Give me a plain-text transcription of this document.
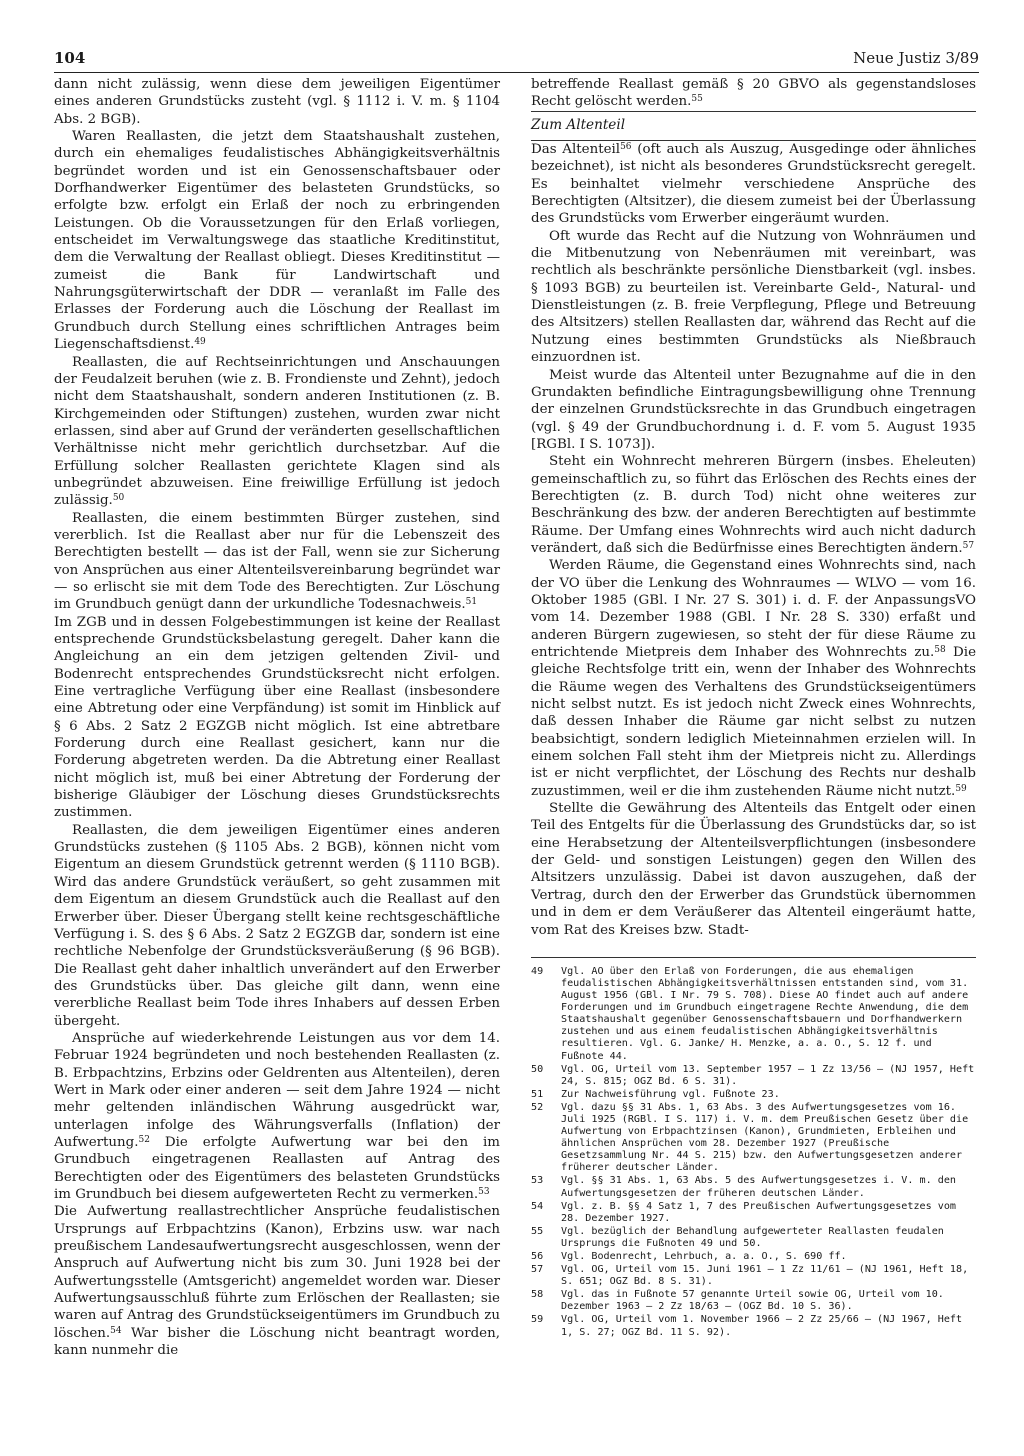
104	Neue Justiz 3/89

dann nicht zulässig, wenn diese dem jeweiligen Eigentümer eines anderen Grundstücks zusteht (vgl. § 1112 i. V. m. § 1104 Abs. 2 BGB).

Waren Reallasten, die jetzt dem Staatshaushalt zustehen, durch ein ehemaliges feudalistisches Abhängigkeitsverhältnis begründet worden und ist ein Genossenschaftsbauer oder Dorfhandwerker Eigentümer des belasteten Grundstücks, so erfolgte bzw. erfolgt ein Erlaß der noch zu erbringenden Leistungen. Ob die Voraussetzungen für den Erlaß vorliegen, entscheidet im Verwaltungswege das staatliche Kreditinstitut, dem die Verwaltung der Reallast obliegt. Dieses Kreditinstitut — zumeist die Bank für Landwirtschaft und Nahrungsgüterwirtschaft der DDR — veranlaßt im Falle des Erlasses der Forderung auch die Löschung der Reallast im Grundbuch durch Stellung eines schriftlichen Antrages beim Liegenschaftsdienst.$^{49}$

Reallasten, die auf Rechtseinrichtungen und Anschauungen der Feudalzeit beruhen (wie z. B. Frondienste und Zehnt), jedoch nicht dem Staatshaushalt, sondern anderen Institutionen (z. B. Kirchgemeinden oder Stiftungen) zustehen, wurden zwar nicht erlassen, sind aber auf Grund der veränderten gesellschaftlichen Verhältnisse nicht mehr gerichtlich durchsetzbar. Auf die Erfüllung solcher Reallasten gerichtete Klagen sind als unbegründet abzuweisen. Eine freiwillige Erfüllung ist jedoch zulässig.$^{50}$

Reallasten, die einem bestimmten Bürger zustehen, sind vererblich. Ist die Reallast aber nur für die Lebenszeit des Berechtigten bestellt — das ist der Fall, wenn sie zur Sicherung von Ansprüchen aus einer Altenteilsvereinbarung begründet war — so erlischt sie mit dem Tode des Berechtigten. Zur Löschung im Grundbuch genügt dann der urkundliche Todesnachweis.$^{51}$

Im ZGB und in dessen Folgebestimmungen ist keine der Reallast entsprechende Grundstücksbelastung geregelt. Daher kann die Angleichung an ein dem jetzigen geltenden Zivil- und Bodenrecht entsprechendes Grundstücksrecht nicht erfolgen. Eine vertragliche Verfügung über eine Reallast (insbesondere eine Abtretung oder eine Verpfändung) ist somit im Hinblick auf § 6 Abs. 2 Satz 2 EGZGB nicht möglich. Ist eine abtretbare Forderung durch eine Reallast gesichert, kann nur die Forderung abgetreten werden. Da die Abtretung einer Reallast nicht möglich ist, muß bei einer Abtretung der Forderung der bisherige Gläubiger der Löschung dieses Grundstücksrechts zustimmen.

Reallasten, die dem jeweiligen Eigentümer eines anderen Grundstücks zustehen (§ 1105 Abs. 2 BGB), können nicht vom Eigentum an diesem Grundstück getrennt werden (§ 1110 BGB). Wird das andere Grundstück veräußert, so geht zusammen mit dem Eigentum an diesem Grundstück auch die Reallast auf den Erwerber über. Dieser Übergang stellt keine rechtsgeschäftliche Verfügung i. S. des § 6 Abs. 2 Satz 2 EGZGB dar, sondern ist eine rechtliche Nebenfolge der Grundstücksveräußerung (§ 96 BGB). Die Reallast geht daher inhaltlich unverändert auf den Erwerber des Grundstücks über. Das gleiche gilt dann, wenn eine vererbliche Reallast beim Tode ihres Inhabers auf dessen Erben übergeht.

Ansprüche auf wiederkehrende Leistungen aus vor dem 14. Februar 1924 begründeten und noch bestehenden Reallasten (z. B. Erbpachtzins, Erbzins oder Geldrenten aus Altenteilen), deren Wert in Mark oder einer anderen — seit dem Jahre 1924 — nicht mehr geltenden inländischen Währung ausgedrückt war, unterlagen infolge des Währungsverfalls (Inflation) der Aufwertung.$^{52}$ Die erfolgte Aufwertung war bei den im Grundbuch eingetragenen Reallasten auf Antrag des Berechtigten oder des Eigentümers des belasteten Grundstücks im Grundbuch bei diesem aufgewerteten Recht zu vermerken.$^{53}$

Die Aufwertung reallastrechtlicher Ansprüche feudalistischen Ursprungs auf Erbpachtzins (Kanon), Erbzins usw. war nach preußischem Landesaufwertungsrecht ausgeschlossen, wenn der Anspruch auf Aufwertung nicht bis zum 30. Juni 1928 bei der Aufwertungsstelle (Amtsgericht) angemeldet worden war. Dieser Aufwertungsausschluß führte zum Erlöschen der Reallasten; sie waren auf Antrag des Grundstückseigentümers im Grundbuch zu löschen.$^{54}$ War bisher die Löschung nicht beantragt worden, kann nunmehr die

betreffende Reallast gemäß § 20 GBVO als gegenstandsloses Recht gelöscht werden.$^{55}$

Zum Altenteil

Das Altenteil$^{56}$ (oft auch als Auszug, Ausgedinge oder ähnliches bezeichnet), ist nicht als besonderes Grundstücksrecht geregelt. Es beinhaltet vielmehr verschiedene Ansprüche des Berechtigten (Altsitzer), die diesem zumeist bei der Überlassung des Grundstücks vom Erwerber eingeräumt wurden.

Oft wurde das Recht auf die Nutzung von Wohnräumen und die Mitbenutzung von Nebenräumen mit vereinbart, was rechtlich als beschränkte persönliche Dienstbarkeit (vgl. insbes. § 1093 BGB) zu beurteilen ist. Vereinbarte Geld-, Natural- und Dienstleistungen (z. B. freie Verpflegung, Pflege und Betreuung des Altsitzers) stellen Reallasten dar, während das Recht auf die Nutzung eines bestimmten Grundstücks als Nießbrauch einzuordnen ist.

Meist wurde das Altenteil unter Bezugnahme auf die in den Grundakten befindliche Eintragungsbewilligung ohne Trennung der einzelnen Grundstücksrechte in das Grundbuch eingetragen (vgl. § 49 der Grundbuchordnung i. d. F. vom 5. August 1935 [RGBl. I S. 1073]).

Steht ein Wohnrecht mehreren Bürgern (insbes. Eheleuten) gemeinschaftlich zu, so führt das Erlöschen des Rechts eines der Berechtigten (z. B. durch Tod) nicht ohne weiteres zur Beschränkung des bzw. der anderen Berechtigten auf bestimmte Räume. Der Umfang eines Wohnrechts wird auch nicht dadurch verändert, daß sich die Bedürfnisse eines Berechtigten ändern.$^{57}$

Werden Räume, die Gegenstand eines Wohnrechts sind, nach der VO über die Lenkung des Wohnraumes — WLVO — vom 16. Oktober 1985 (GBl. I Nr. 27 S. 301) i. d. F. der AnpassungsVO vom 14. Dezember 1988 (GBl. I Nr. 28 S. 330) erfaßt und anderen Bürgern zugewiesen, so steht der für diese Räume zu entrichtende Mietpreis dem Inhaber des Wohnrechts zu.$^{58}$ Die gleiche Rechtsfolge tritt ein, wenn der Inhaber des Wohnrechts die Räume wegen des Verhaltens des Grundstückseigentümers nicht selbst nutzt. Es ist jedoch nicht Zweck eines Wohnrechts, daß dessen Inhaber die Räume gar nicht selbst zu nutzen beabsichtigt, sondern lediglich Mieteinnahmen erzielen will. In einem solchen Fall steht ihm der Mietpreis nicht zu. Allerdings ist er nicht verpflichtet, der Löschung des Rechts nur deshalb zuzustimmen, weil er die ihm zustehenden Räume nicht nutzt.$^{59}$

Stellte die Gewährung des Altenteils das Entgelt oder einen Teil des Entgelts für die Überlassung des Grundstücks dar, so ist eine Herabsetzung der Altenteilsverpflichtungen (insbesondere der Geld- und sonstigen Leistungen) gegen den Willen des Altsitzers unzulässig. Dabei ist davon auszugehen, daß der Vertrag, durch den der Erwerber das Grundstück übernommen und in dem er dem Veräußerer das Altenteil eingeräumt hatte, vom Rat des Kreises bzw. Stadt-

49	Vgl. AO über den Erlaß von Forderungen, die aus ehemaligen feudalistischen Abhängigkeitsverhältnissen entstanden sind, vom 31. August 1956 (GBl. I Nr. 79 S. 708). Diese AO findet auch auf andere Forderungen und im Grundbuch eingetragene Rechte Anwendung, die dem Staatshaushalt gegenüber Genossenschaftsbauern und Dorfhandwerkern zustehen und aus einem feudalistischen Abhängigkeitsverhältnis resultieren. Vgl. G. Janke/ H. Menzke, a. a. O., S. 12 f. und Fußnote 44.
50	Vgl. OG, Urteil vom 13. September 1957 — 1 Zz 13/56 — (NJ 1957, Heft 24, S. 815; OGZ Bd. 6 S. 31).
51	Zur Nachweisführung vgl. Fußnote 23.
52	Vgl. dazu §§ 31 Abs. 1, 63 Abs. 3 des Aufwertungsgesetzes vom 16. Juli 1925 (RGBl. I S. 117) i. V. m. dem Preußischen Gesetz über die Aufwertung von Erbpachtzinsen (Kanon), Grundmieten, Erbleihen und ähnlichen Ansprüchen vom 28. Dezember 1927 (Preußische Gesetzsammlung Nr. 44 S. 215) bzw. den Aufwertungsgesetzen anderer früherer deutscher Länder.
53	Vgl. §§ 31 Abs. 1, 63 Abs. 5 des Aufwertungsgesetzes i. V. m. den Aufwertungsgesetzen der früheren deutschen Länder.
54	Vgl. z. B. §§ 4 Satz 1, 7 des Preußischen Aufwertungsgesetzes vom 28. Dezember 1927.
55	Vgl. bezüglich der Behandlung aufgewerteter Reallasten feudalen Ursprungs die Fußnoten 49 und 50.
56	Vgl. Bodenrecht, Lehrbuch, a. a. O., S. 690 ff.
57	Vgl. OG, Urteil vom 15. Juni 1961 — 1 Zz 11/61 — (NJ 1961, Heft 18, S. 651; OGZ Bd. 8 S. 31).
58	Vgl. das in Fußnote 57 genannte Urteil sowie OG, Urteil vom 10. Dezember 1963 — 2 Zz 18/63 — (OGZ Bd. 10 S. 36).
59	Vgl. OG, Urteil vom 1. November 1966 — 2 Zz 25/66 — (NJ 1967, Heft 1, S. 27; OGZ Bd. 11 S. 92).
